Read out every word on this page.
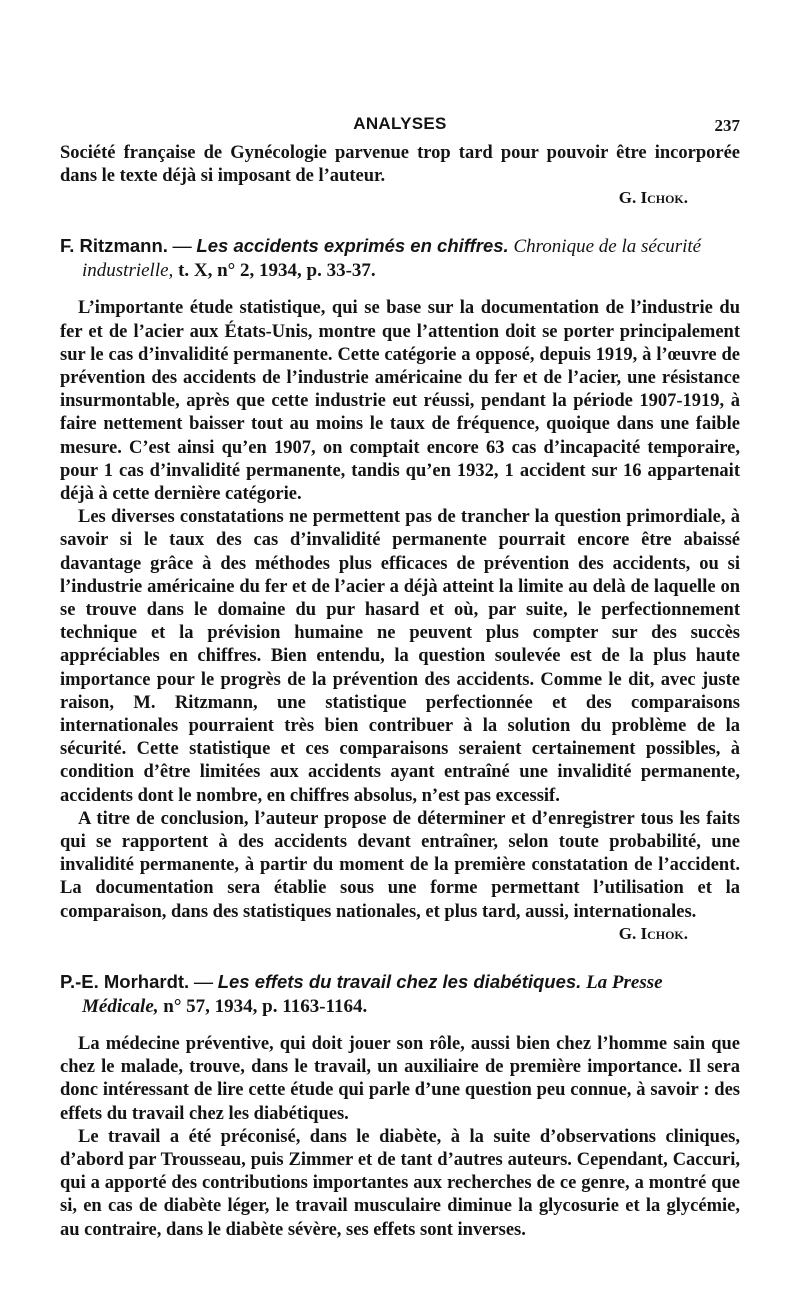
ANALYSES	237

Société française de Gynécologie parvenue trop tard pour pouvoir être incorporée dans le texte déjà si imposant de l’auteur.

G. Ichok.
F. Ritzmann. — Les accidents exprimés en chiffres. Chronique de la sécurité industrielle, t. X, n° 2, 1934, p. 33-37.

L’importante étude statistique, qui se base sur la documentation de l’industrie du fer et de l’acier aux États-Unis, montre que l’attention doit se porter principalement sur le cas d’invalidité permanente. Cette catégorie a opposé, depuis 1919, à l’œuvre de prévention des accidents de l’industrie américaine du fer et de l’acier, une résistance insurmontable, après que cette industrie eut réussi, pendant la période 1907-1919, à faire nettement baisser tout au moins le taux de fréquence, quoique dans une faible mesure. C’est ainsi qu’en 1907, on comptait encore 63 cas d’incapacité temporaire, pour 1 cas d’invalidité permanente, tandis qu’en 1932, 1 accident sur 16 appartenait déjà à cette dernière catégorie.

Les diverses constatations ne permettent pas de trancher la question primordiale, à savoir si le taux des cas d’invalidité permanente pourrait encore être abaissé davantage grâce à des méthodes plus efficaces de prévention des accidents, ou si l’industrie américaine du fer et de l’acier a déjà atteint la limite au delà de laquelle on se trouve dans le domaine du pur hasard et où, par suite, le perfectionnement technique et la prévision humaine ne peuvent plus compter sur des succès appréciables en chiffres. Bien entendu, la question soulevée est de la plus haute importance pour le progrès de la prévention des accidents. Comme le dit, avec juste raison, M. Ritzmann, une statistique perfectionnée et des comparaisons internationales pourraient très bien contribuer à la solution du problème de la sécurité. Cette statistique et ces comparaisons seraient certainement possibles, à condition d’être limitées aux accidents ayant entraîné une invalidité permanente, accidents dont le nombre, en chiffres absolus, n’est pas excessif.

A titre de conclusion, l’auteur propose de déterminer et d’enregistrer tous les faits qui se rapportent à des accidents devant entraîner, selon toute probabilité, une invalidité permanente, à partir du moment de la première constatation de l’accident. La documentation sera établie sous une forme permettant l’utilisation et la comparaison, dans des statistiques nationales, et plus tard, aussi, internationales.

G. Ichok.
P.-E. Morhardt. — Les effets du travail chez les diabétiques. La Presse Médicale, n° 57, 1934, p. 1163-1164.

La médecine préventive, qui doit jouer son rôle, aussi bien chez l’homme sain que chez le malade, trouve, dans le travail, un auxiliaire de première importance. Il sera donc intéressant de lire cette étude qui parle d’une question peu connue, à savoir : des effets du travail chez les diabétiques.

Le travail a été préconisé, dans le diabète, à la suite d’observations cliniques, d’abord par Trousseau, puis Zimmer et de tant d’autres auteurs. Cependant, Caccuri, qui a apporté des contributions importantes aux recherches de ce genre, a montré que si, en cas de diabète léger, le travail musculaire diminue la glycosurie et la glycémie, au contraire, dans le diabète sévère, ses effets sont inverses.
